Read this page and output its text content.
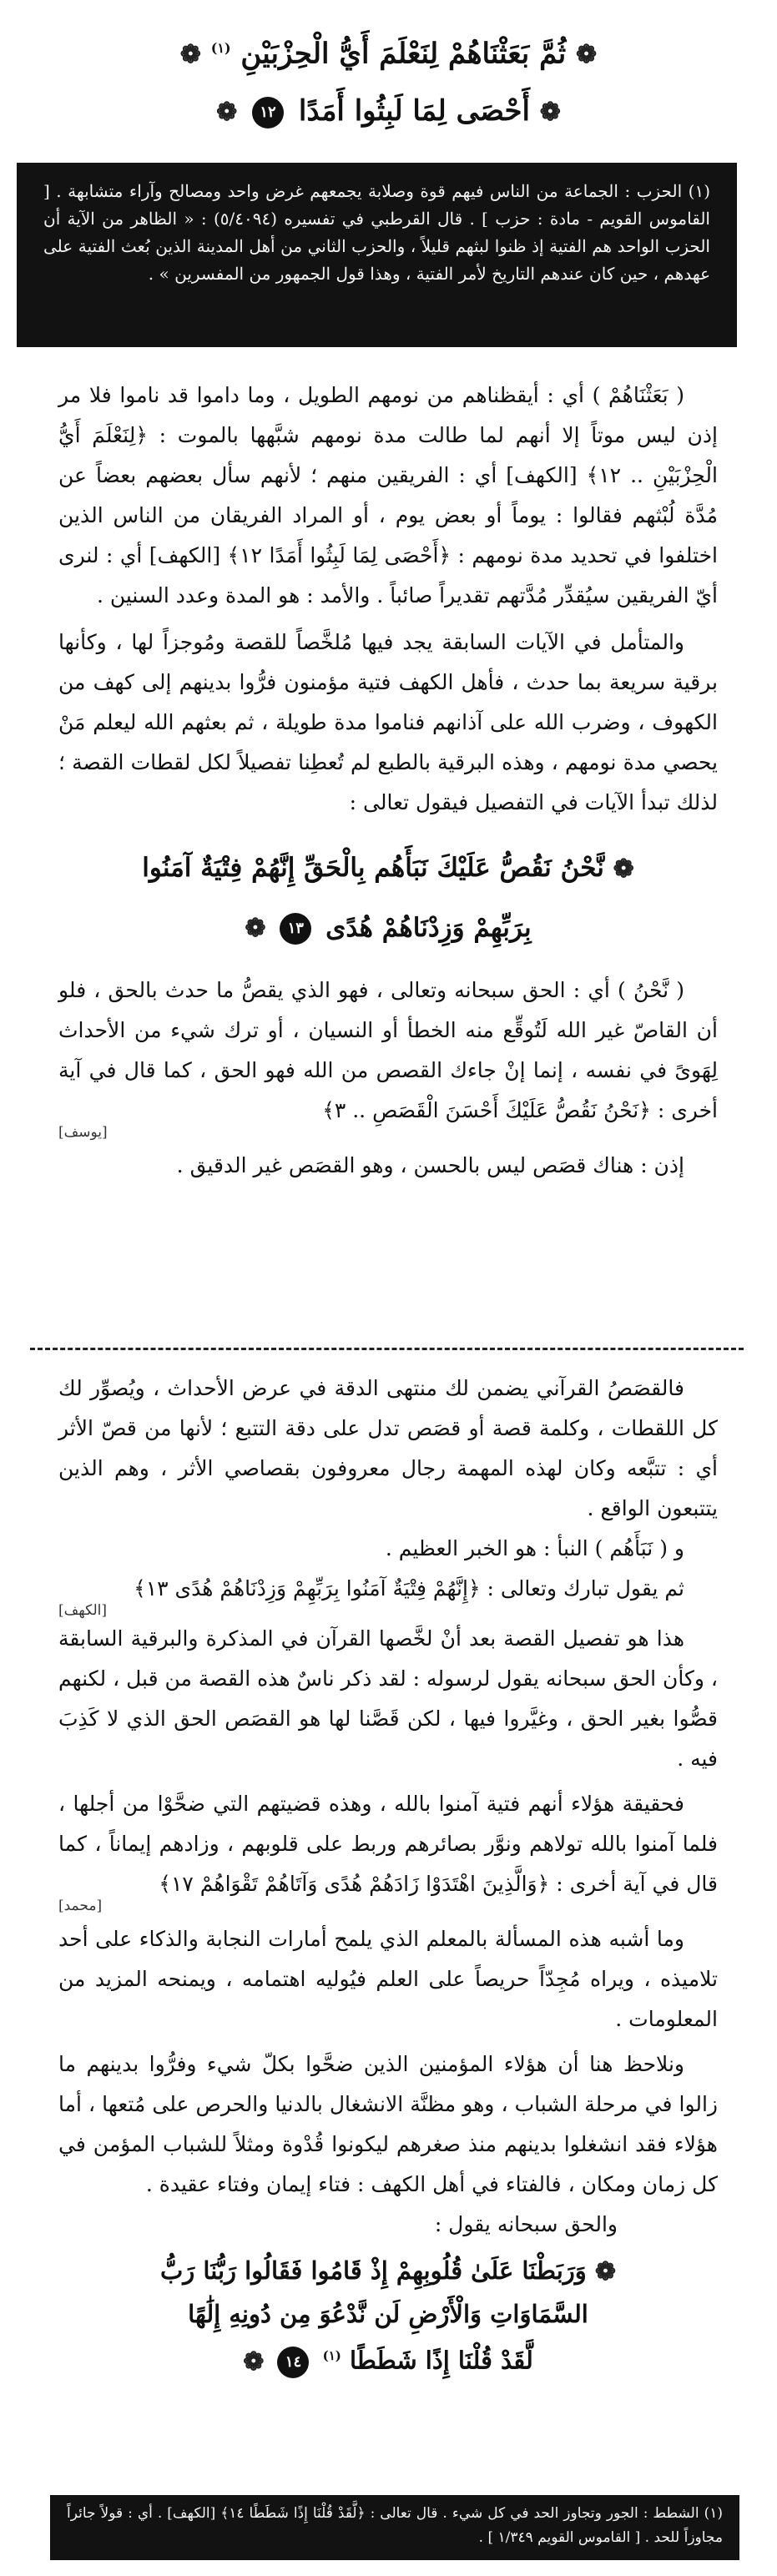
❁ ثُمَّ بَعَثْنَاهُمْ لِنَعْلَمَ أَيُّ الْحِزْبَيْنِ $^{(١)}$ ❁
❁ أَحْصَى لِمَا لَبِثُوا أَمَدًا ١٢ ❁
(١) الحزب : الجماعة من الناس فيهم قوة وصلابة يجمعهم غرض واحد ومصالح وآراء متشابهة . [ القاموس القويم - مادة : حزب ] . قال القرطبي في تفسيره (٥/٤٠٩٤) : « الظاهر من الآية أن الحزب الواحد هم الفتية إذ ظنوا لبثهم قليلاً ، والحزب الثاني من أهل المدينة الذين بُعث الفتية على عهدهم ، حين كان عندهم التاريخ لأمر الفتية ، وهذا قول الجمهور من المفسرين » .

( بَعَثْنَاهُمْ ) أي : أيقظناهم من نومهم الطويل ، وما داموا قد ناموا فلا مر إذن ليس موتاً إلا أنهم لما طالت مدة نومهم شبَّهها بالموت : ﴿لِنَعْلَمَ أَيُّ الْحِزْبَيْنِ .. ١٢﴾ [الكهف] أي : الفريقين منهم ؛ لأنهم سأل بعضهم بعضاً عن مُدَّة لُبْثهم فقالوا : يوماً أو بعض يوم ، أو المراد الفريقان من الناس الذين اختلفوا في تحديد مدة نومهم : ﴿أَحْصَى لِمَا لَبِثُوا أَمَدًا ١٢﴾ [الكهف] أي : لنرى أيّ الفريقين سيُقدِّر مُدَّتهم تقديراً صائباً . والأمد : هو المدة وعدد السنين .

والمتأمل في الآيات السابقة يجد فيها مُلخَّصاً للقصة ومُوجزاً لها ، وكأنها برقية سريعة بما حدث ، فأهل الكهف فتية مؤمنون فرُّوا بدينهم إلى كهف من الكهوف ، وضرب الله على آذانهم فناموا مدة طويلة ، ثم بعثهم الله ليعلم مَنْ يحصي مدة نومهم ، وهذه البرقية بالطبع لم تُعطِنا تفصيلاً لكل لقطات القصة ؛ لذلك تبدأ الآيات في التفصيل فيقول تعالى :

❁ نَّحْنُ نَقُصُّ عَلَيْكَ نَبَأَهُم بِالْحَقِّ إِنَّهُمْ فِتْيَةٌ آمَنُوا
بِرَبِّهِمْ وَزِدْنَاهُمْ هُدًى ١٣ ❁

( نَّحْنُ ) أي : الحق سبحانه وتعالى ، فهو الذي يقصُّ ما حدث بالحق ، فلو أن القاصّ غير الله لَتُوقِّع منه الخطأ أو النسيان ، أو ترك شيء من الأحداث لِهَوىً في نفسه ، إنما إنْ جاءك القصص من الله فهو الحق ، كما قال في آية أخرى : ﴿نَحْنُ نَقُصُّ عَلَيْكَ أَحْسَنَ الْقَصَصِ .. ٣﴾

[يوسف]

إذن : هناك قصَص ليس بالحسن ، وهو القصَص غير الدقيق .

فالقصَصُ القرآني يضمن لك منتهى الدقة في عرض الأحداث ، ويُصوِّر لك كل اللقطات ، وكلمة قصة أو قصَص تدل على دقة التتبع ؛ لأنها من قصّ الأثر أي : تتبَّعه وكان لهذه المهمة رجال معروفون بقصاصي الأثر ، وهم الذين يتتبعون الواقع .

و ( نَبَأَهُم ) النبأ : هو الخبر العظيم .

ثم يقول تبارك وتعالى : ﴿إِنَّهُمْ فِتْيَةٌ آمَنُوا بِرَبِّهِمْ وَزِدْنَاهُمْ هُدًى ١٣﴾

[الكهف]

هذا هو تفصيل القصة بعد أنْ لخَّصها القرآن في المذكرة والبرقية السابقة ، وكأن الحق سبحانه يقول لرسوله : لقد ذكر ناسٌ هذه القصة من قبل ، لكنهم قصُّوا بغير الحق ، وغيَّروا فيها ، لكن قَصَّنا لها هو القصَص الحق الذي لا كَذِبَ فيه .

فحقيقة هؤلاء أنهم فتية آمنوا بالله ، وهذه قضيتهم التي ضحَّوْا من أجلها ، فلما آمنوا بالله تولاهم ونوَّر بصائرهم وربط على قلوبهم ، وزادهم إيماناً ، كما قال في آية أخرى : ﴿وَالَّذِينَ اهْتَدَوْا زَادَهُمْ هُدًى وَآتَاهُمْ تَقْوَاهُمْ ١٧﴾

[محمد]

وما أشبه هذه المسألة بالمعلم الذي يلمح أمارات النجابة والذكاء على أحد تلاميذه ، ويراه مُجِدّاً حريصاً على العلم فيُوليه اهتمامه ، ويمنحه المزيد من المعلومات .

ونلاحظ هنا أن هؤلاء المؤمنين الذين ضحَّوا بكلّ شيء وفرُّوا بدينهم ما زالوا في مرحلة الشباب ، وهو مظنَّة الانشغال بالدنيا والحرص على مُتعها ، أما هؤلاء فقد انشغلوا بدينهم منذ صغرهم ليكونوا قُدْوة ومثلاً للشباب المؤمن في كل زمان ومكان ، فالفتاء في أهل الكهف : فتاء إيمان وفتاء عقيدة .

والحق سبحانه يقول :

❁ وَرَبَطْنَا عَلَىٰ قُلُوبِهِمْ إِذْ قَامُوا فَقَالُوا رَبُّنَا رَبُّ
السَّمَاوَاتِ وَالْأَرْضِ لَن نَّدْعُوَ مِن دُونِهِ إِلَٰهًا
لَّقَدْ قُلْنَا إِذًا شَطَطًا $^{(١)}$ ١٤ ❁
(١) الشطط : الجور وتجاوز الحد في كل شيء . قال تعالى : ﴿لَّقَدْ قُلْنَا إِذًا شَطَطًا ١٤﴾ [الكهف] . أي : قولاً جائراً مجاوزاً للحد . [ القاموس القويم ١/٣٤٩ ] .
